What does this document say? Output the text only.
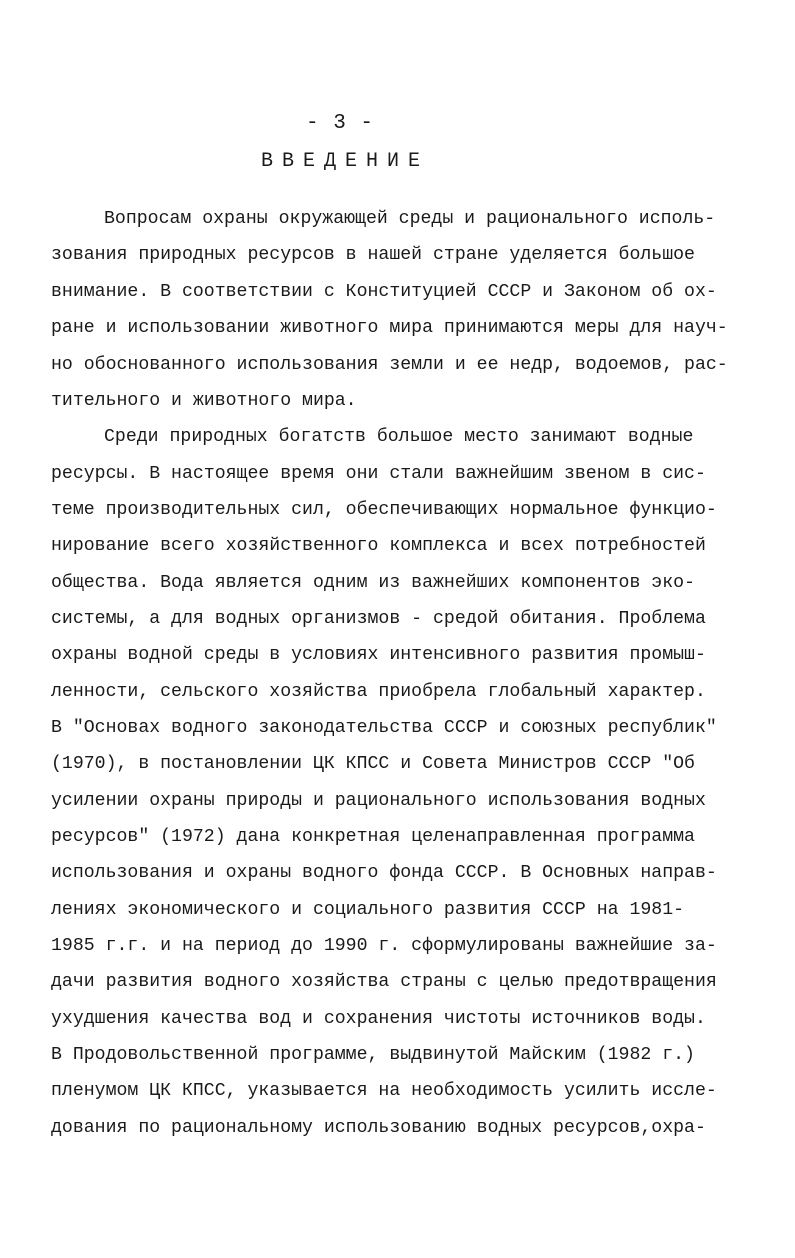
- 3 -
ВВЕДЕНИЕ
Вопросам охраны окружающей среды и рационального исполь-
зования природных ресурсов в нашей стране уделяется большое
внимание. В соответствии с Конституцией СССР и Законом об ох-
ране и использовании животного мира принимаются меры для науч-
но обоснованного использования земли и ее недр, водоемов, рас-
тительного и животного мира.
Среди природных богатств большое место занимают водные
ресурсы. В настоящее время они стали важнейшим звеном в сис-
теме производительных сил, обеспечивающих нормальное функцио-
нирование всего хозяйственного комплекса и всех потребностей
общества. Вода является одним из важнейших компонентов эко-
системы, а для водных организмов - средой обитания. Проблема
охраны водной среды в условиях интенсивного развития промыш-
ленности, сельского хозяйства приобрела глобальный характер.
В "Основах водного законодательства СССР и союзных республик"
(1970), в постановлении ЦК КПСС и Совета Министров СССР "Об
усилении охраны природы и рационального использования водных
ресурсов" (1972) дана конкретная целенаправленная программа
использования и охраны водного фонда СССР. В Основных направ-
лениях экономического и социального развития СССР на 1981-
1985 г.г. и на период до 1990 г. сформулированы важнейшие за-
дачи развития водного хозяйства страны с целью предотвращения
ухудшения качества вод и сохранения чистоты источников воды.
В Продовольственной программе, выдвинутой Майским (1982 г.)
пленумом ЦК КПСС, указывается на необходимость усилить иссле-
дования по рациональному использованию водных ресурсов,охра-
